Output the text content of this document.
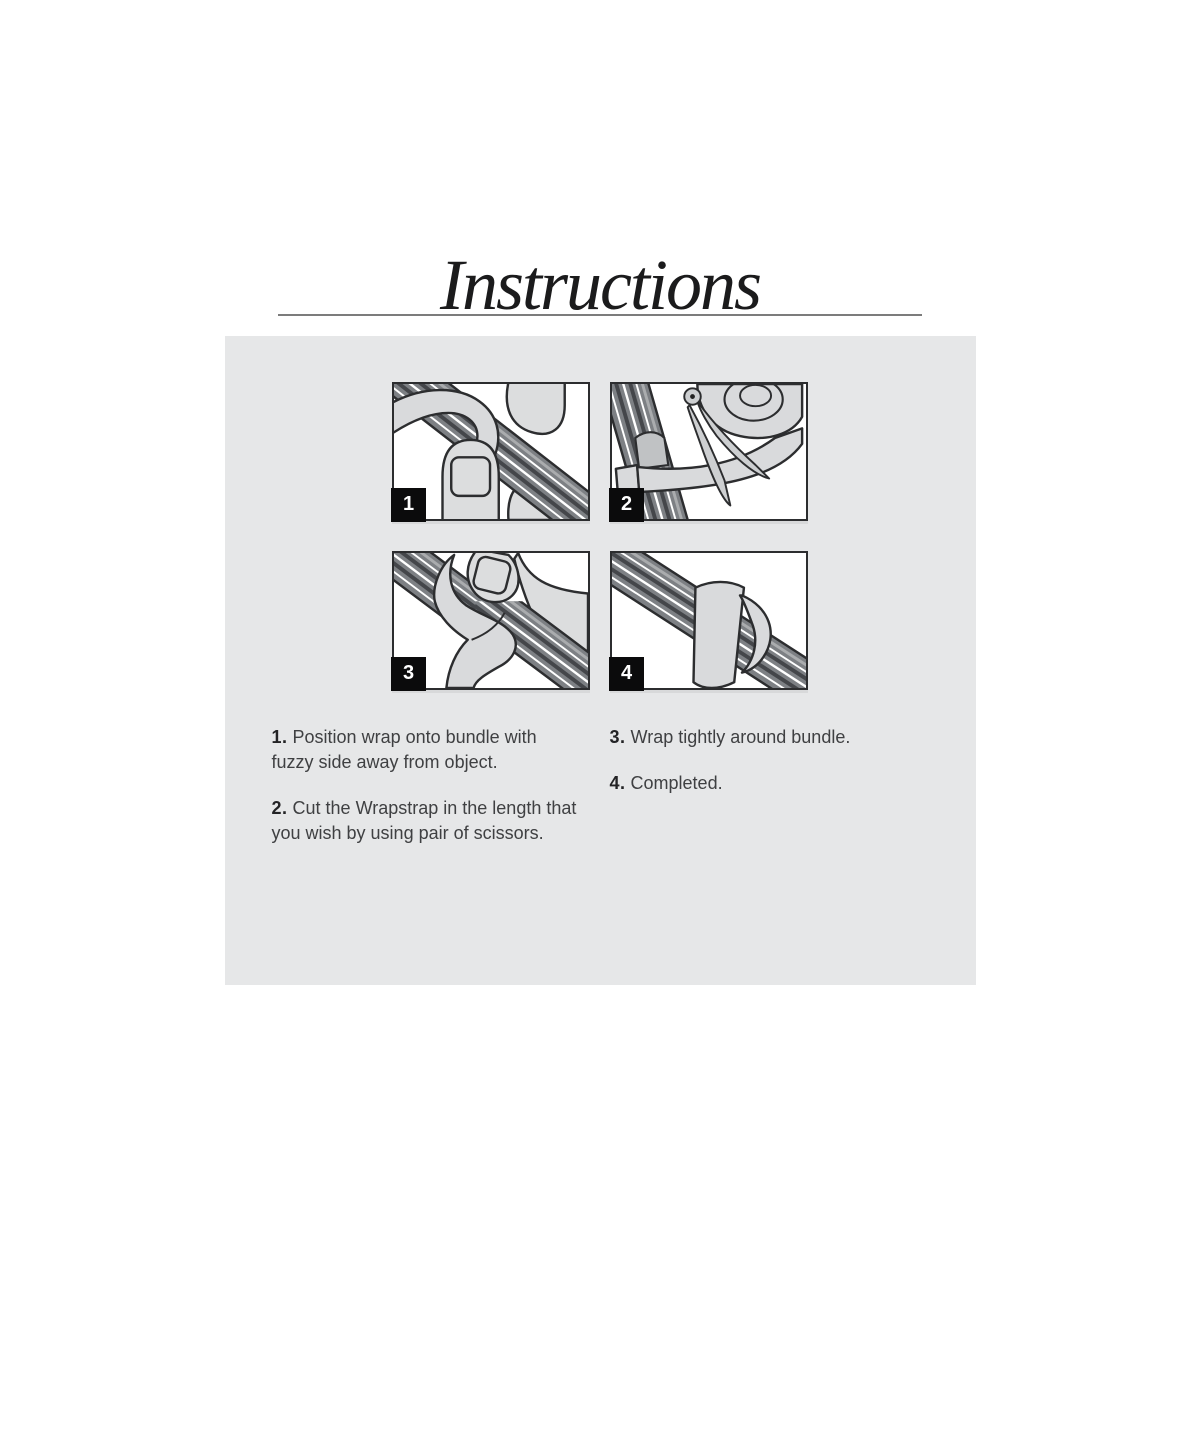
Instructions
1	2
3	4

1. Position wrap onto bundle with
fuzzy side away from object.

2. Cut the Wrapstrap in the length that
you wish by using pair of scissors.

3. Wrap tightly around bundle.

4. Completed.
